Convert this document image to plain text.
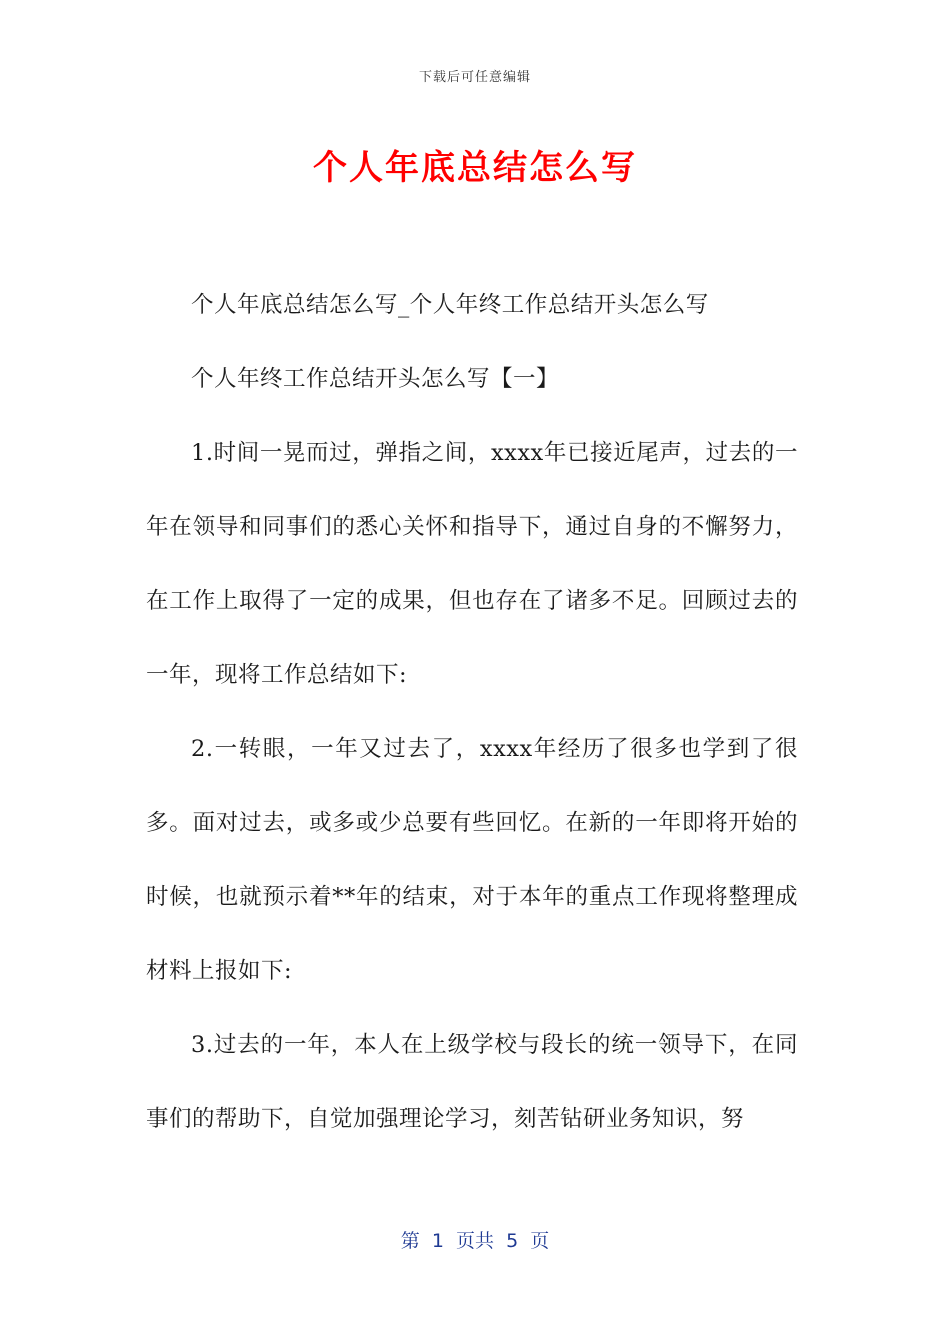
下载后可任意编辑
个人年底总结怎么写

个人年底总结怎么写_个人年终工作总结开头怎么写

个人年终工作总结开头怎么写【一】

1.时间一晃而过，弹指之间，xxxx年已接近尾声，过去的一年在领导和同事们的悉心关怀和指导下，通过自身的不懈努力，在工作上取得了一定的成果，但也存在了诸多不足。回顾过去的一年，现将工作总结如下:

2.一转眼，一年又过去了，xxxx年经历了很多也学到了很多。面对过去，或多或少总要有些回忆。在新的一年即将开始的时候，也就预示着**年的结束，对于本年的重点工作现将整理成材料上报如下:

3.过去的一年，本人在上级学校与段长的统一领导下，在同事们的帮助下，自觉加强理论学习，刻苦钻研业务知识，努

第  1  页共  5  页
